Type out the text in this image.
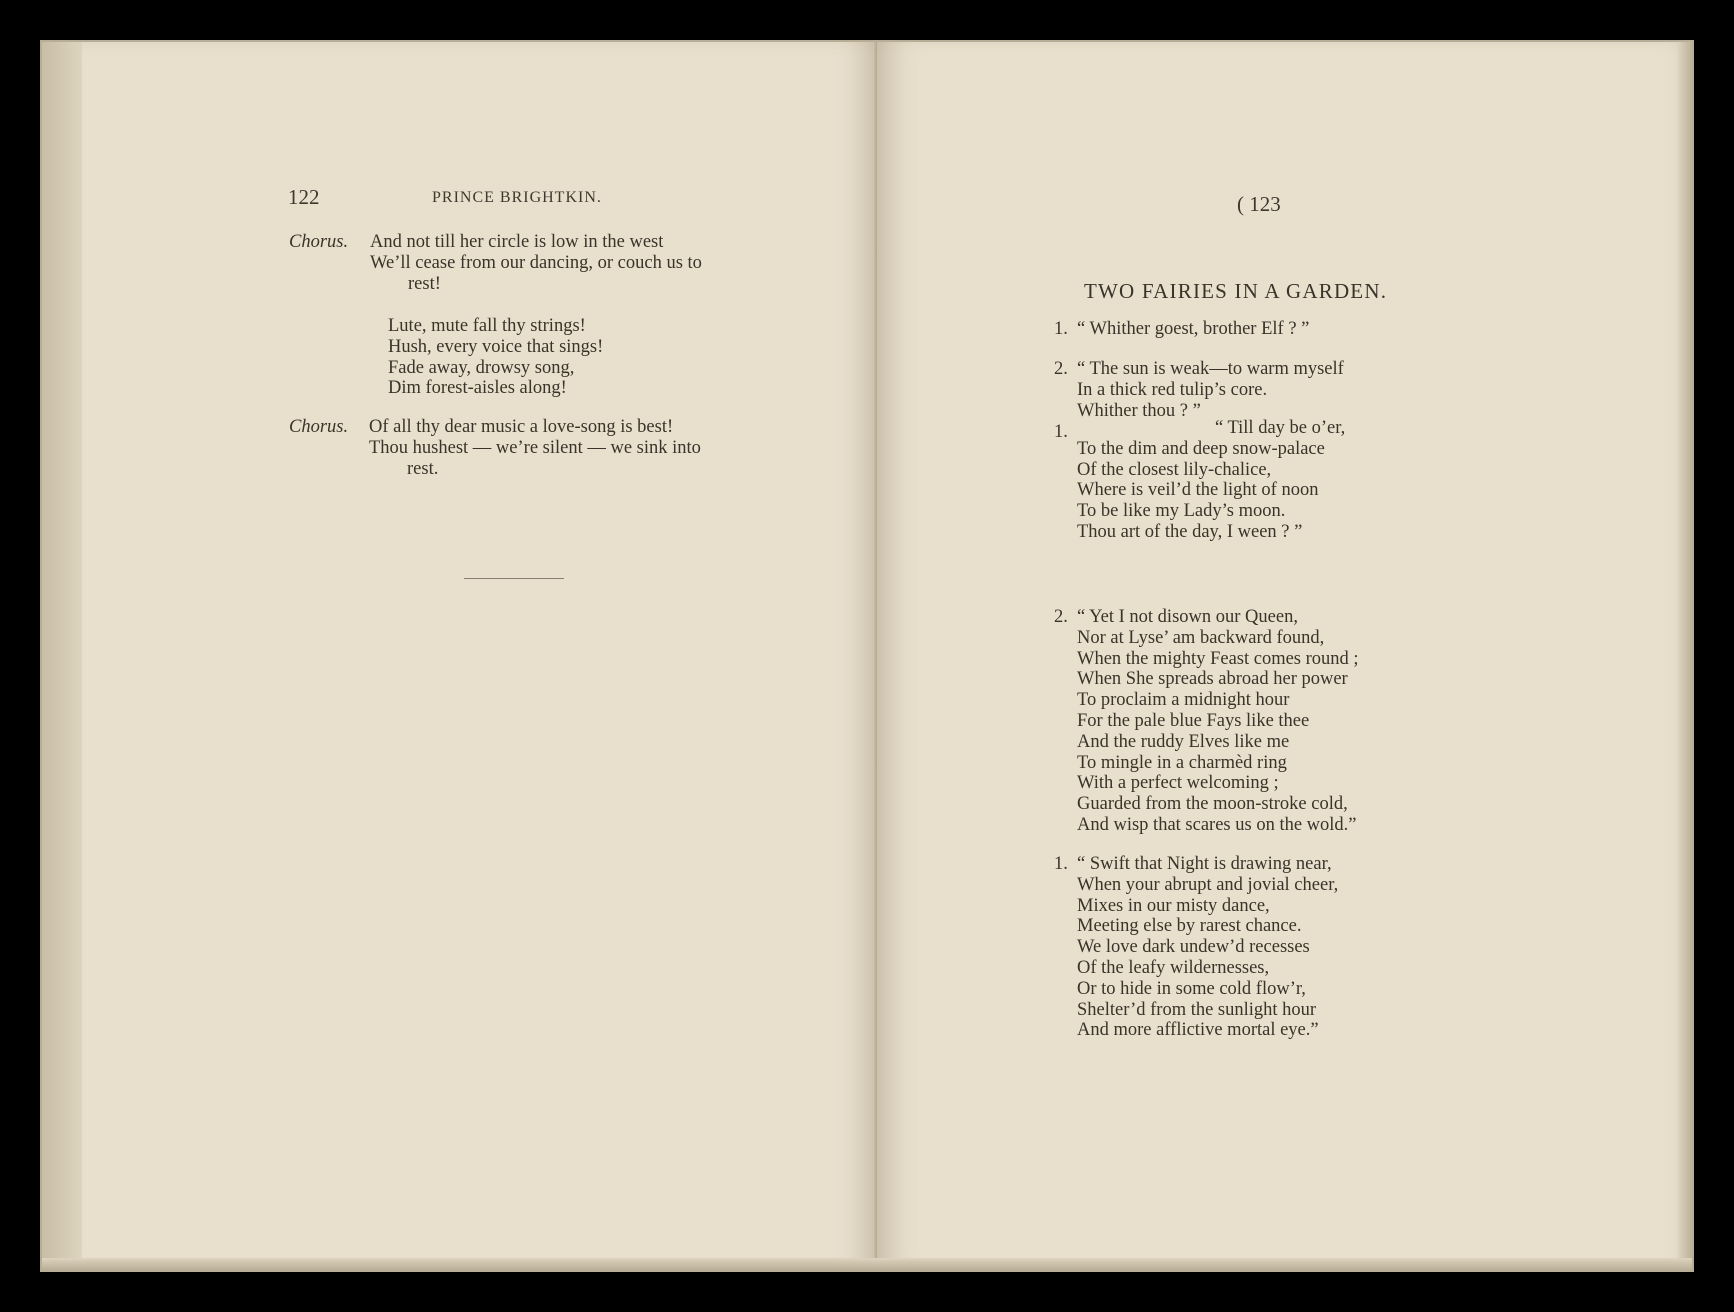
122	PRINCE BRIGHTKIN.
Chorus. And not till her circle is low in the west
We’ll cease from our dancing, or couch us to
rest!
Lute, mute fall thy strings!
Hush, every voice that sings!
Fade away, drowsy song,
Dim forest-aisles along!
Chorus. Of all thy dear music a love-song is best!
Thou hushest — we’re silent — we sink into
rest.
( 123
TWO FAIRIES IN A GARDEN.
1. “ Whither goest, brother Elf ? ”
2. “ The sun is weak—to warm myself
In a thick red tulip’s core.
Whither thou ? ”
1.	“ Till day be o’er,
To the dim and deep snow-palace
Of the closest lily-chalice,
Where is veil’d the light of noon
To be like my Lady’s moon.
Thou art of the day, I ween ? ”
2. “ Yet I not disown our Queen,
Nor at Lyse’ am backward found,
When the mighty Feast comes round ;
When She spreads abroad her power
To proclaim a midnight hour
For the pale blue Fays like thee
And the ruddy Elves like me
To mingle in a charmèd ring
With a perfect welcoming ;
Guarded from the moon-stroke cold,
And wisp that scares us on the wold.”
1. “ Swift that Night is drawing near,
When your abrupt and jovial cheer,
Mixes in our misty dance,
Meeting else by rarest chance.
We love dark undew’d recesses
Of the leafy wildernesses,
Or to hide in some cold flow’r,
Shelter’d from the sunlight hour
And more afflictive mortal eye.”
